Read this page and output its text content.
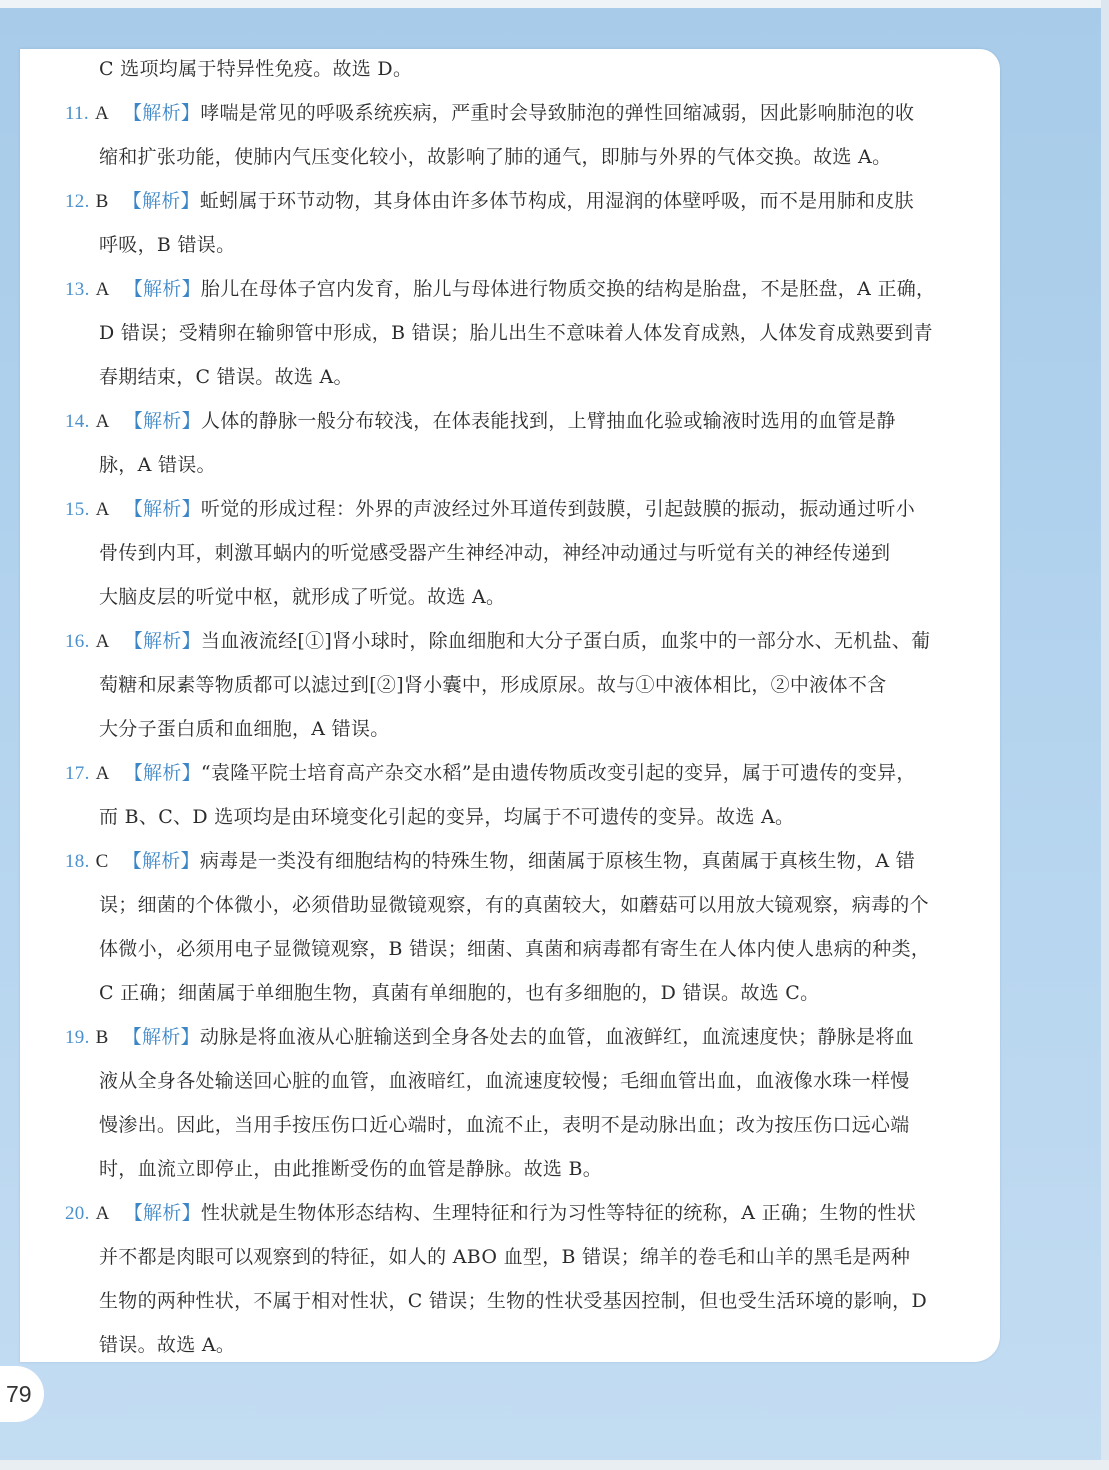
C 选项均属于特异性免疫。故选 D。
11. A 【解析】哮喘是常见的呼吸系统疾病，严重时会导致肺泡的弹性回缩减弱，因此影响肺泡的收
缩和扩张功能，使肺内气压变化较小，故影响了肺的通气，即肺与外界的气体交换。故选 A。
12. B 【解析】蚯蚓属于环节动物，其身体由许多体节构成，用湿润的体壁呼吸，而不是用肺和皮肤
呼吸，B 错误。
13. A 【解析】胎儿在母体子宫内发育，胎儿与母体进行物质交换的结构是胎盘，不是胚盘，A 正确，
D 错误；受精卵在输卵管中形成，B 错误；胎儿出生不意味着人体发育成熟，人体发育成熟要到青
春期结束，C 错误。故选 A。
14. A 【解析】人体的静脉一般分布较浅，在体表能找到，上臂抽血化验或输液时选用的血管是静
脉，A 错误。
15. A 【解析】听觉的形成过程：外界的声波经过外耳道传到鼓膜，引起鼓膜的振动，振动通过听小
骨传到内耳，刺激耳蜗内的听觉感受器产生神经冲动，神经冲动通过与听觉有关的神经传递到
大脑皮层的听觉中枢，就形成了听觉。故选 A。
16. A 【解析】当血液流经[①]肾小球时，除血细胞和大分子蛋白质，血浆中的一部分水、无机盐、葡
萄糖和尿素等物质都可以滤过到[②]肾小囊中，形成原尿。故与①中液体相比，②中液体不含
大分子蛋白质和血细胞，A 错误。
17. A 【解析】“袁隆平院士培育高产杂交水稻”是由遗传物质改变引起的变异，属于可遗传的变异，
而 B、C、D 选项均是由环境变化引起的变异，均属于不可遗传的变异。故选 A。
18. C 【解析】病毒是一类没有细胞结构的特殊生物，细菌属于原核生物，真菌属于真核生物，A 错
误；细菌的个体微小，必须借助显微镜观察，有的真菌较大，如蘑菇可以用放大镜观察，病毒的个
体微小，必须用电子显微镜观察，B 错误；细菌、真菌和病毒都有寄生在人体内使人患病的种类，
C 正确；细菌属于单细胞生物，真菌有单细胞的，也有多细胞的，D 错误。故选 C。
19. B 【解析】动脉是将血液从心脏输送到全身各处去的血管，血液鲜红，血流速度快；静脉是将血
液从全身各处输送回心脏的血管，血液暗红，血流速度较慢；毛细血管出血，血液像水珠一样慢
慢渗出。因此，当用手按压伤口近心端时，血流不止，表明不是动脉出血；改为按压伤口远心端
时，血流立即停止，由此推断受伤的血管是静脉。故选 B。
20. A 【解析】性状就是生物体形态结构、生理特征和行为习性等特征的统称，A 正确；生物的性状
并不都是肉眼可以观察到的特征，如人的 ABO 血型，B 错误；绵羊的卷毛和山羊的黑毛是两种
生物的两种性状，不属于相对性状，C 错误；生物的性状受基因控制，但也受生活环境的影响，D
错误。故选 A。
79
